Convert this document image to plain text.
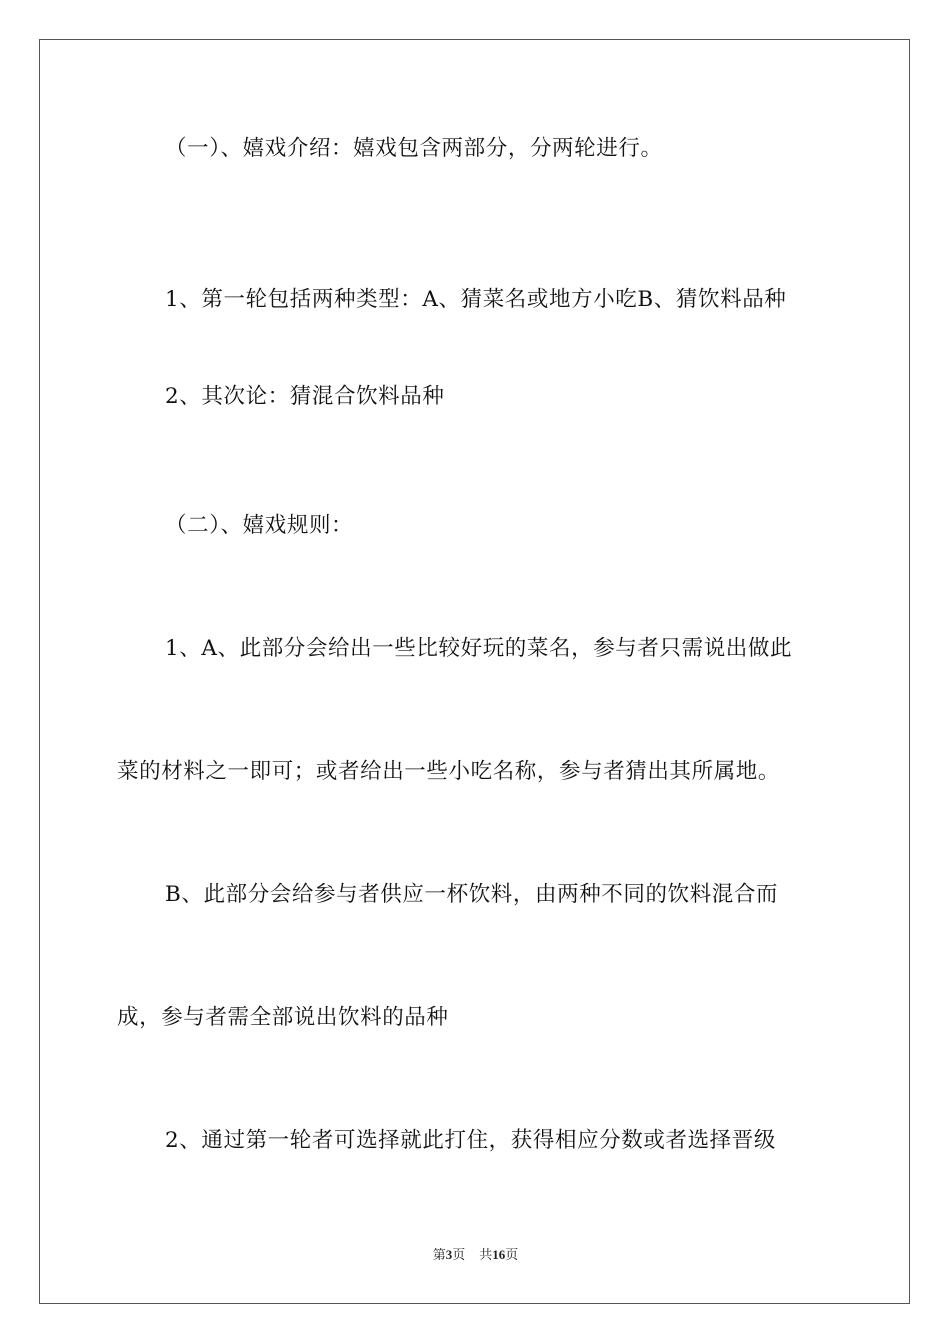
（一）、嬉戏介绍：嬉戏包含两部分，分两轮进行。
1、第一轮包括两种类型：A、猜菜名或地方小吃B、猜饮料品种
2、其次论：猜混合饮料品种
（二）、嬉戏规则：
1、A、此部分会给出一些比较好玩的菜名，参与者只需说出做此
菜的材料之一即可；或者给出一些小吃名称，参与者猜出其所属地。
B、此部分会给参与者供应一杯饮料，由两种不同的饮料混合而
成，参与者需全部说出饮料的品种
2、通过第一轮者可选择就此打住，获得相应分数或者选择晋级
第3页 共16页
